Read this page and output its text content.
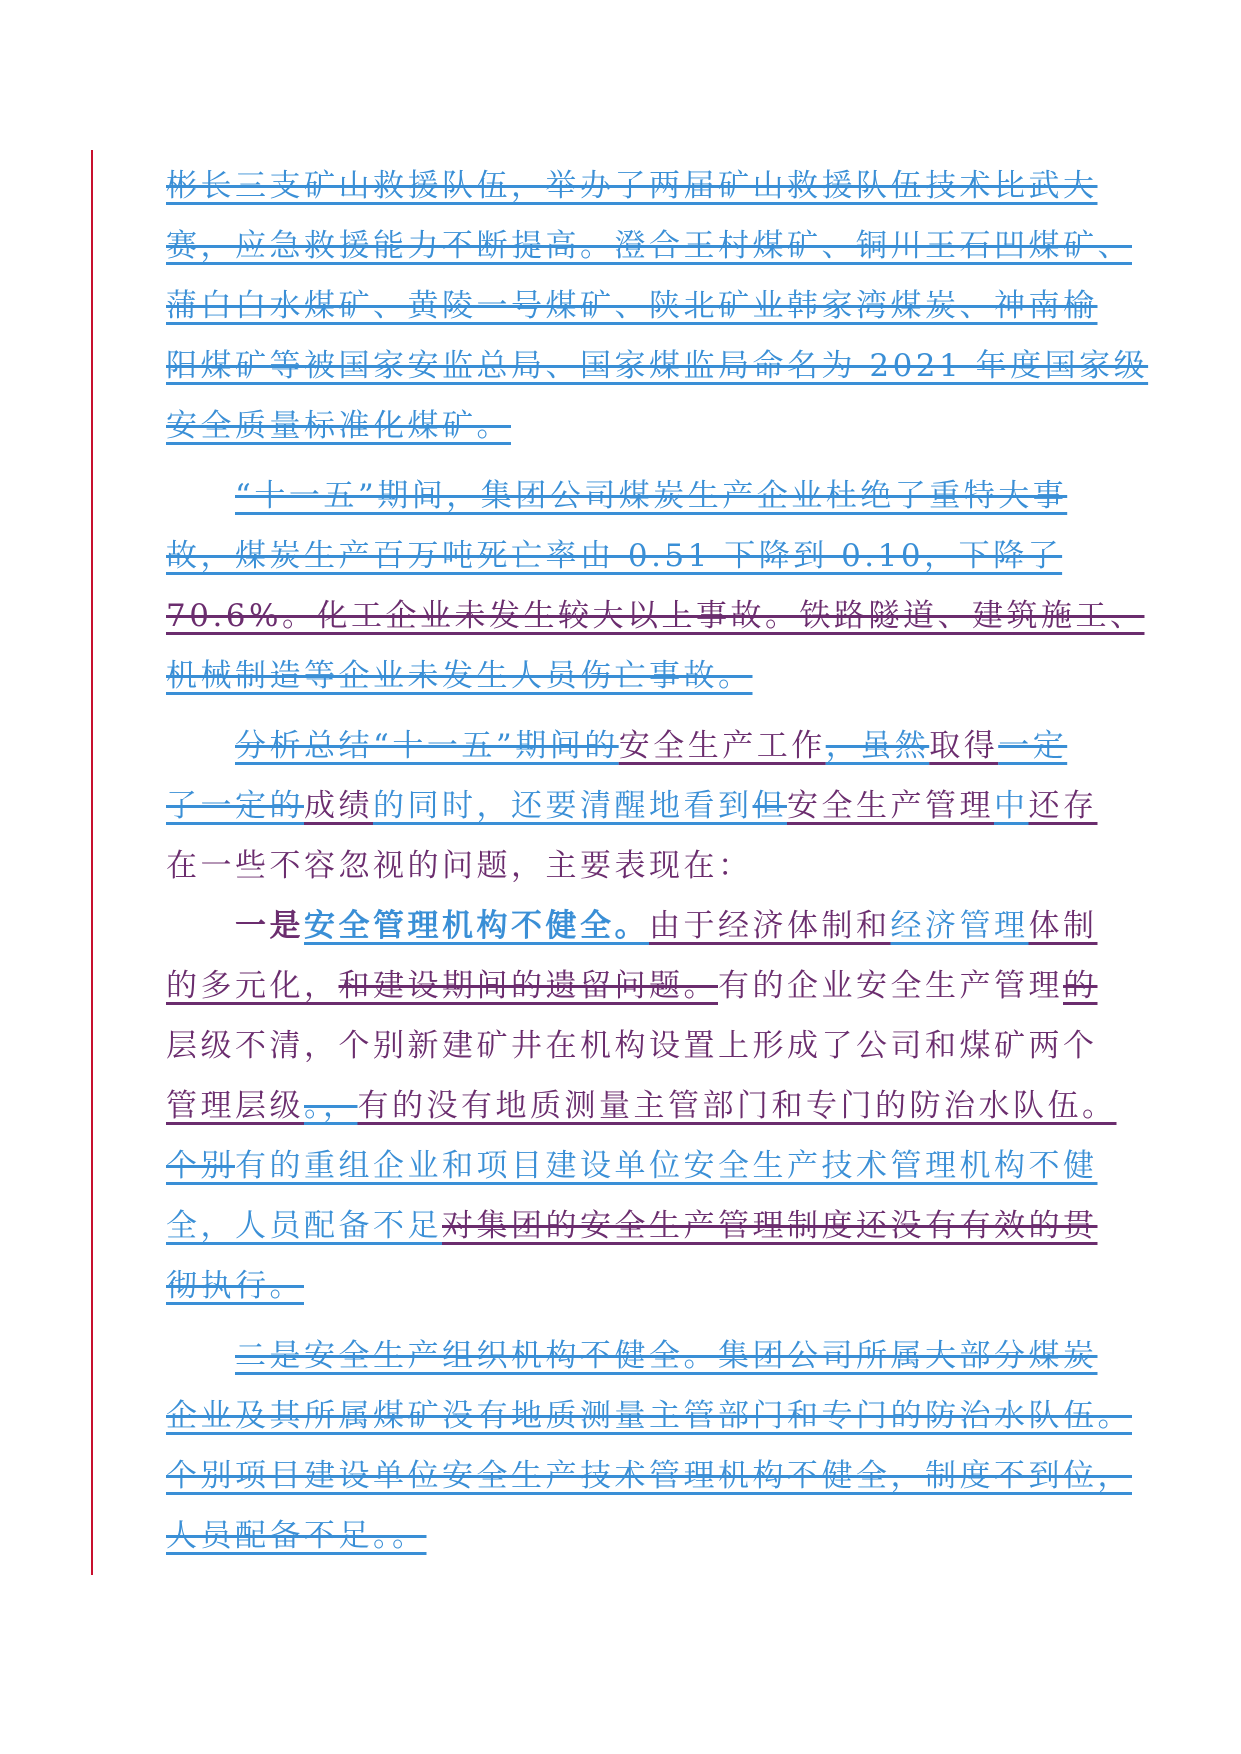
彬长三支矿山救援队伍，举办了两届矿山救援队伍技术比武大
赛，应急救援能力不断提高。澄合王村煤矿、铜川王石凹煤矿、
蒲白白水煤矿、黄陵一号煤矿、陕北矿业韩家湾煤炭、神南榆
阳煤矿等被国家安监总局、国家煤监局命名为 2021 年度国家级
安全质量标准化煤矿。
“十一五”期间，集团公司煤炭生产企业杜绝了重特大事
故，煤炭生产百万吨死亡率由 0.51 下降到 0.10，下降了
70.6%。化工企业未发生较大以上事故。铁路隧道、建筑施工、
机械制造等企业未发生人员伤亡事故。
分析总结“十一五”期间的安全生产工作，虽然取得一定
了一定的成绩的同时，还要清醒地看到但安全生产管理中还存
在一些不容忽视的问题，主要表现在：
一是安全管理机构不健全。由于经济体制和经济管理体制
的多元化，和建设期间的遗留问题。有的企业安全生产管理的
层级不清，个别新建矿井在机构设置上形成了公司和煤矿两个
管理层级。，有的没有地质测量主管部门和专门的防治水队伍。
个别有的重组企业和项目建设单位安全生产技术管理机构不健
全，人员配备不足对集团的安全生产管理制度还没有有效的贯
彻执行。
二是安全生产组织机构不健全。集团公司所属大部分煤炭
企业及其所属煤矿没有地质测量主管部门和专门的防治水队伍。
个别项目建设单位安全生产技术管理机构不健全，制度不到位，
人员配备不足。。
